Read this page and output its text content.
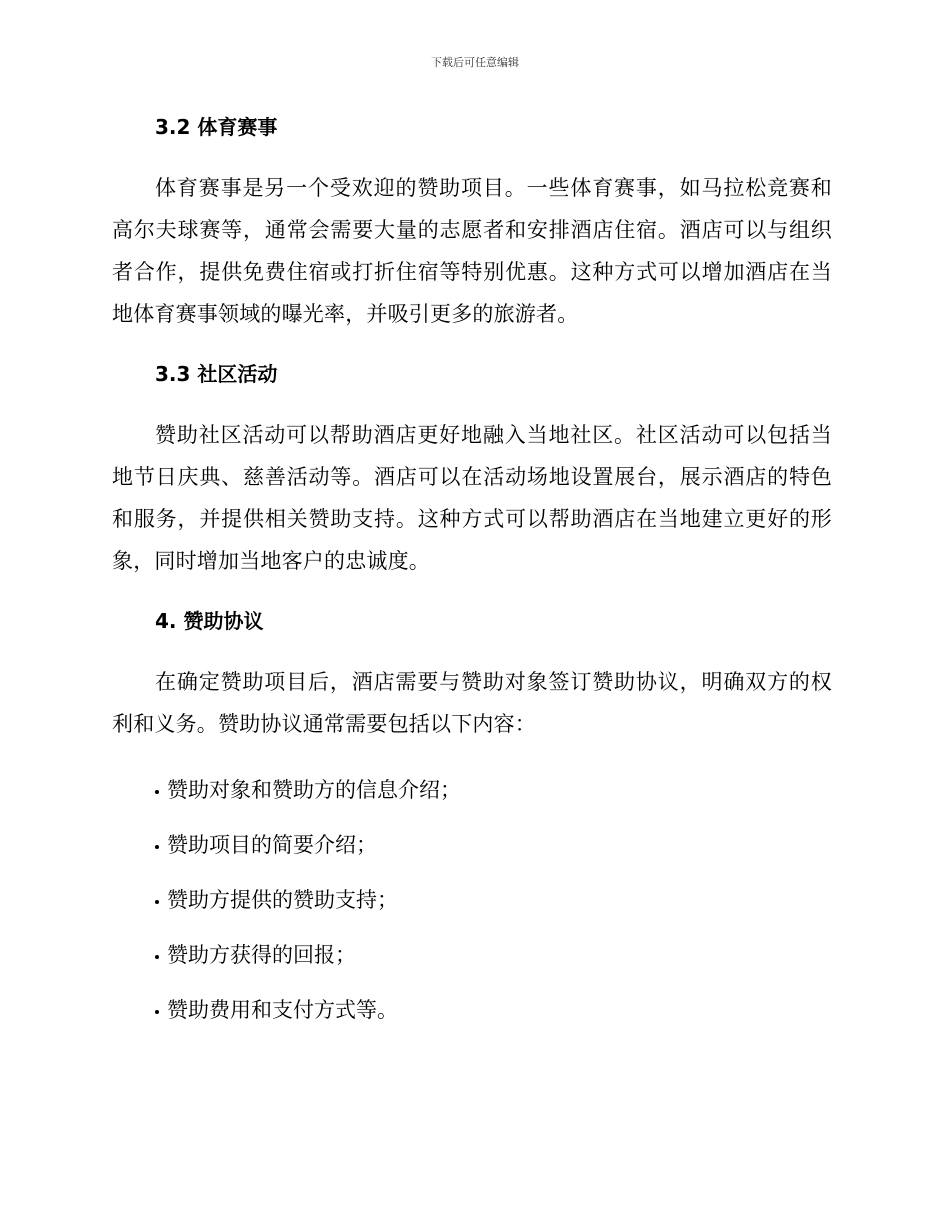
下载后可任意编辑
3.2 体育赛事

体育赛事是另一个受欢迎的赞助项目。一些体育赛事，如马拉松竞赛和高尔夫球赛等，通常会需要大量的志愿者和安排酒店住宿。酒店可以与组织者合作，提供免费住宿或打折住宿等特别优惠。这种方式可以增加酒店在当地体育赛事领域的曝光率，并吸引更多的旅游者。

3.3 社区活动

赞助社区活动可以帮助酒店更好地融入当地社区。社区活动可以包括当地节日庆典、慈善活动等。酒店可以在活动场地设置展台，展示酒店的特色和服务，并提供相关赞助支持。这种方式可以帮助酒店在当地建立更好的形象，同时增加当地客户的忠诚度。

4. 赞助协议

在确定赞助项目后，酒店需要与赞助对象签订赞助协议，明确双方的权利和义务。赞助协议通常需要包括以下内容：

赞助对象和赞助方的信息介绍；
赞助项目的简要介绍；
赞助方提供的赞助支持；
赞助方获得的回报；
赞助费用和支付方式等。
